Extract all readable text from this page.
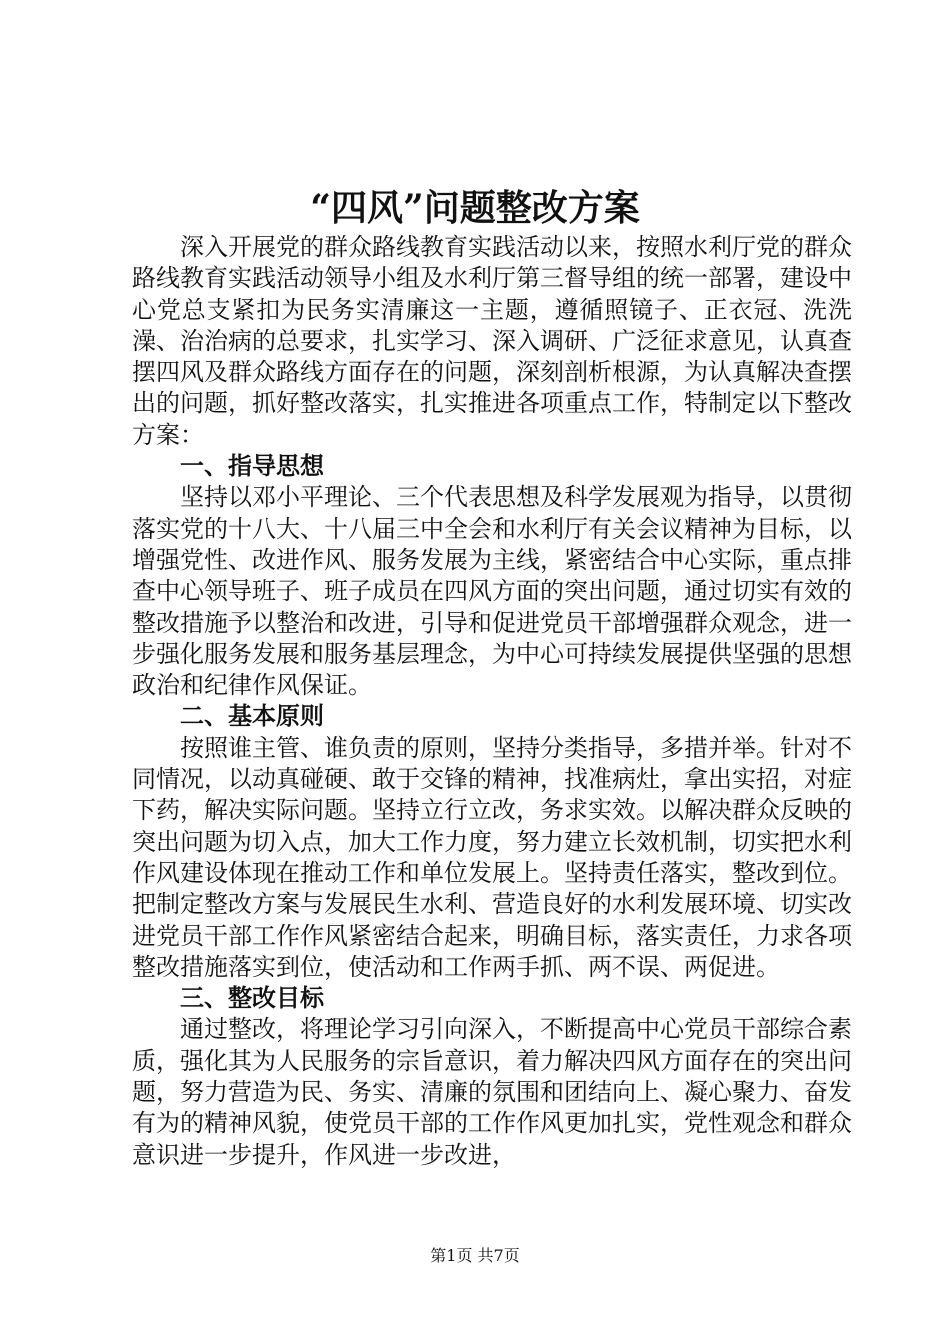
“四风”问题整改方案

深入开展党的群众路线教育实践活动以来，按照水利厅党的群众路线教育实践活动领导小组及水利厅第三督导组的统一部署，建设中心党总支紧扣为民务实清廉这一主题，遵循照镜子、正衣冠、洗洗澡、治治病的总要求，扎实学习、深入调研、广泛征求意见，认真查摆四风及群众路线方面存在的问题，深刻剖析根源，为认真解决查摆出的问题，抓好整改落实，扎实推进各项重点工作，特制定以下整改方案：

一、指导思想

坚持以邓小平理论、三个代表思想及科学发展观为指导，以贯彻落实党的十八大、十八届三中全会和水利厅有关会议精神为目标，以增强党性、改进作风、服务发展为主线，紧密结合中心实际，重点排查中心领导班子、班子成员在四风方面的突出问题，通过切实有效的整改措施予以整治和改进，引导和促进党员干部增强群众观念，进一步强化服务发展和服务基层理念，为中心可持续发展提供坚强的思想政治和纪律作风保证。

二、基本原则

按照谁主管、谁负责的原则，坚持分类指导，多措并举。针对不同情况，以动真碰硬、敢于交锋的精神，找准病灶，拿出实招，对症下药，解决实际问题。坚持立行立改，务求实效。以解决群众反映的突出问题为切入点，加大工作力度，努力建立长效机制，切实把水利作风建设体现在推动工作和单位发展上。坚持责任落实，整改到位。把制定整改方案与发展民生水利、营造良好的水利发展环境、切实改进党员干部工作作风紧密结合起来，明确目标，落实责任，力求各项整改措施落实到位，使活动和工作两手抓、两不误、两促进。

三、整改目标

通过整改，将理论学习引向深入，不断提高中心党员干部综合素质，强化其为人民服务的宗旨意识，着力解决四风方面存在的突出问题，努力营造为民、务实、清廉的氛围和团结向上、凝心聚力、奋发有为的精神风貌，使党员干部的工作作风更加扎实，党性观念和群众意识进一步提升，作风进一步改进，

第1页 共7页
